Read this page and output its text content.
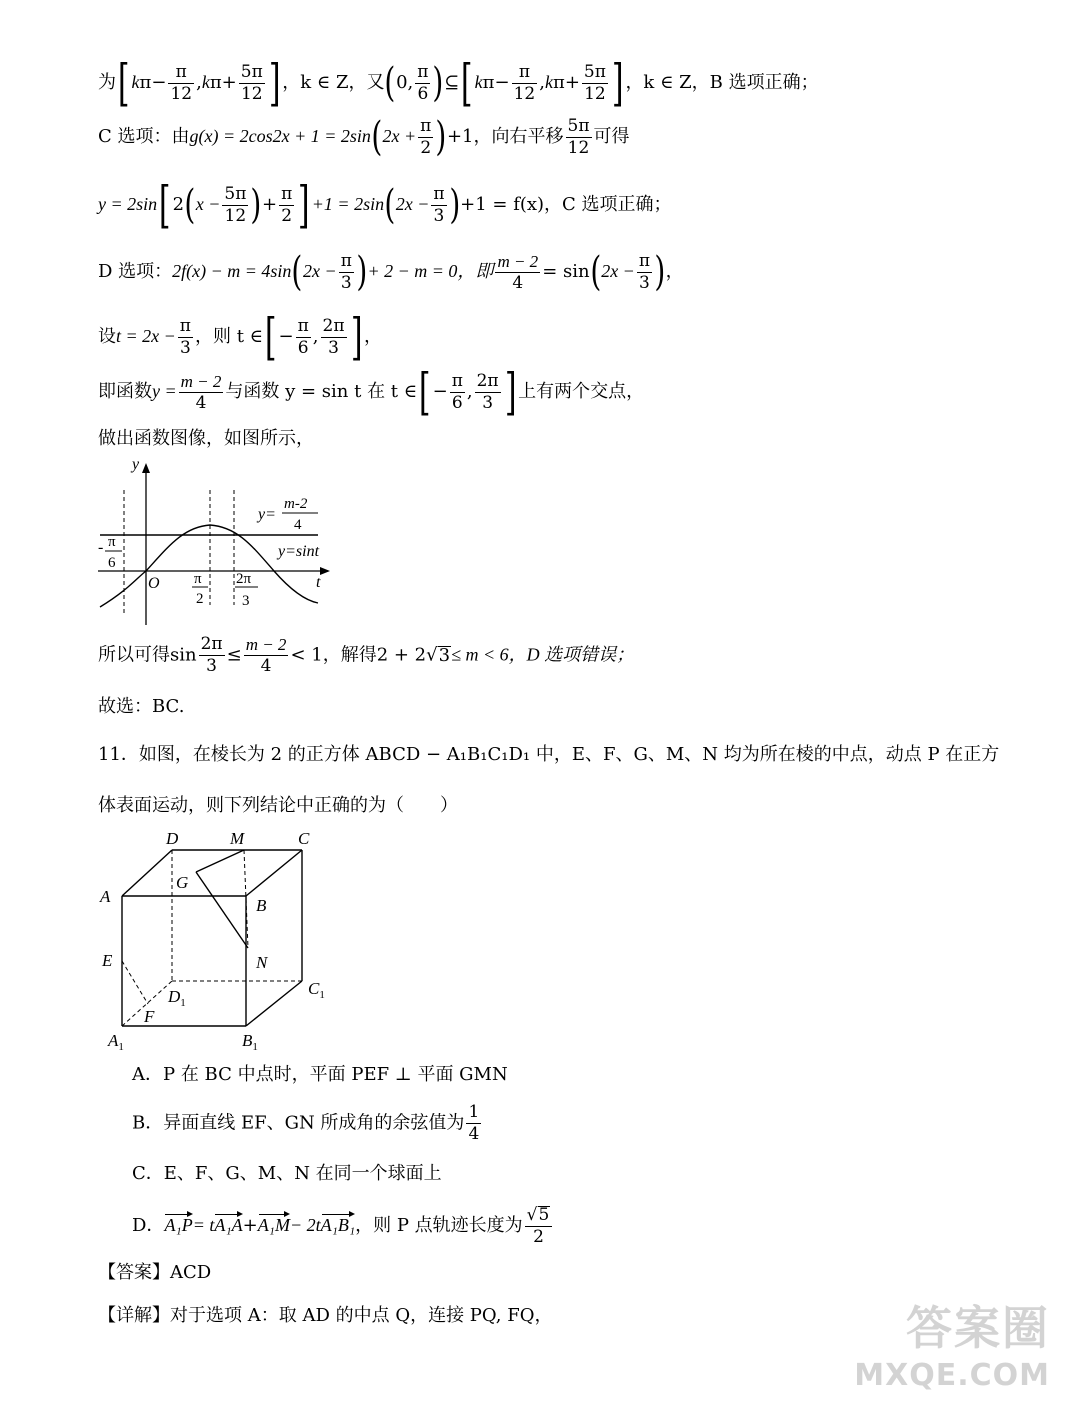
为[ $k\pi- \frac{\pi}{12} ,k\pi+ \frac{5\pi}{12}$ ] ，k ∈ Z，又(0, $\frac{\pi}{6}$ )⊆[ $k\pi- \frac{\pi}{12} ,k\pi+ \frac{5\pi}{12}$ ] ，k ∈ Z，B 选项正确；
C 选项：由$g(x) = 2\cos 2x + 1 = 2\sin(2x + \frac{\pi}{2} )+1$，向右平移 $\frac{5\pi}{12}$ 可得
y = 2sin[ $2(x - \frac{5\pi}{12}$ )+ $\frac{\pi}{2}$ ] $+1 = 2\sin(2x - \frac{\pi}{3} )+1 = f(x)$，C 选项正确；
D 选项：$2f(x) - m = 4\sin(2x - \frac{\pi}{3}$ )+ 2 − m = 0，即 $\frac{m - 2}{4} = \sin(2x - \frac{\pi}{3}$ )，
设$t = 2x - \frac{\pi}{3}$ ，则 t ∈[ − $\frac{\pi}{6}$ , $\frac{2\pi}{3}$ ] ，
即函数$y = \frac{m - 2}{4}$ 与函数 y = sin t 在 t ∈[ − $\frac{\pi}{6}$ , $\frac{2\pi}{3}$ ] 上有两个交点，
做出函数图像，如图所示，
y
t
O
- π
6
π
2
2π
3
y=
m-2
4
y=sint
所以可得$\sin \frac{2\pi}{3} \le \frac{m - 2}{4} < 1$，解得2 + 2√3≤ m < 6，D 选项错误；
故选：BC.
11．如图，在棱长为 2 的正方体 ABCD − A₁B₁C₁D₁ 中，E、F、G、M、N 均为所在棱的中点，动点 P 在正方
体表面运动，则下列结论中正确的为（　　）
D	M	C
A
G
B
E	N
$D_1$
$C_1$
F
$A_1$	$B_1$
A．P 在 BC 中点时，平面 PEF ⊥ 平面 GMN
B．异面直线 EF、GN 所成角的余弦值为 $\frac{1}{4}$
C．E、F、G、M、N 在同一个球面上
D．A₁P= tA₁A+A₁M− 2tA₁B₁，则 P 点轨迹长度为 $\frac{√5}{2}$
【答案】ACD
【详解】对于选项 A：取 AD 的中点 Q，连接 PQ, FQ，	答案圈
MXQE.COM
